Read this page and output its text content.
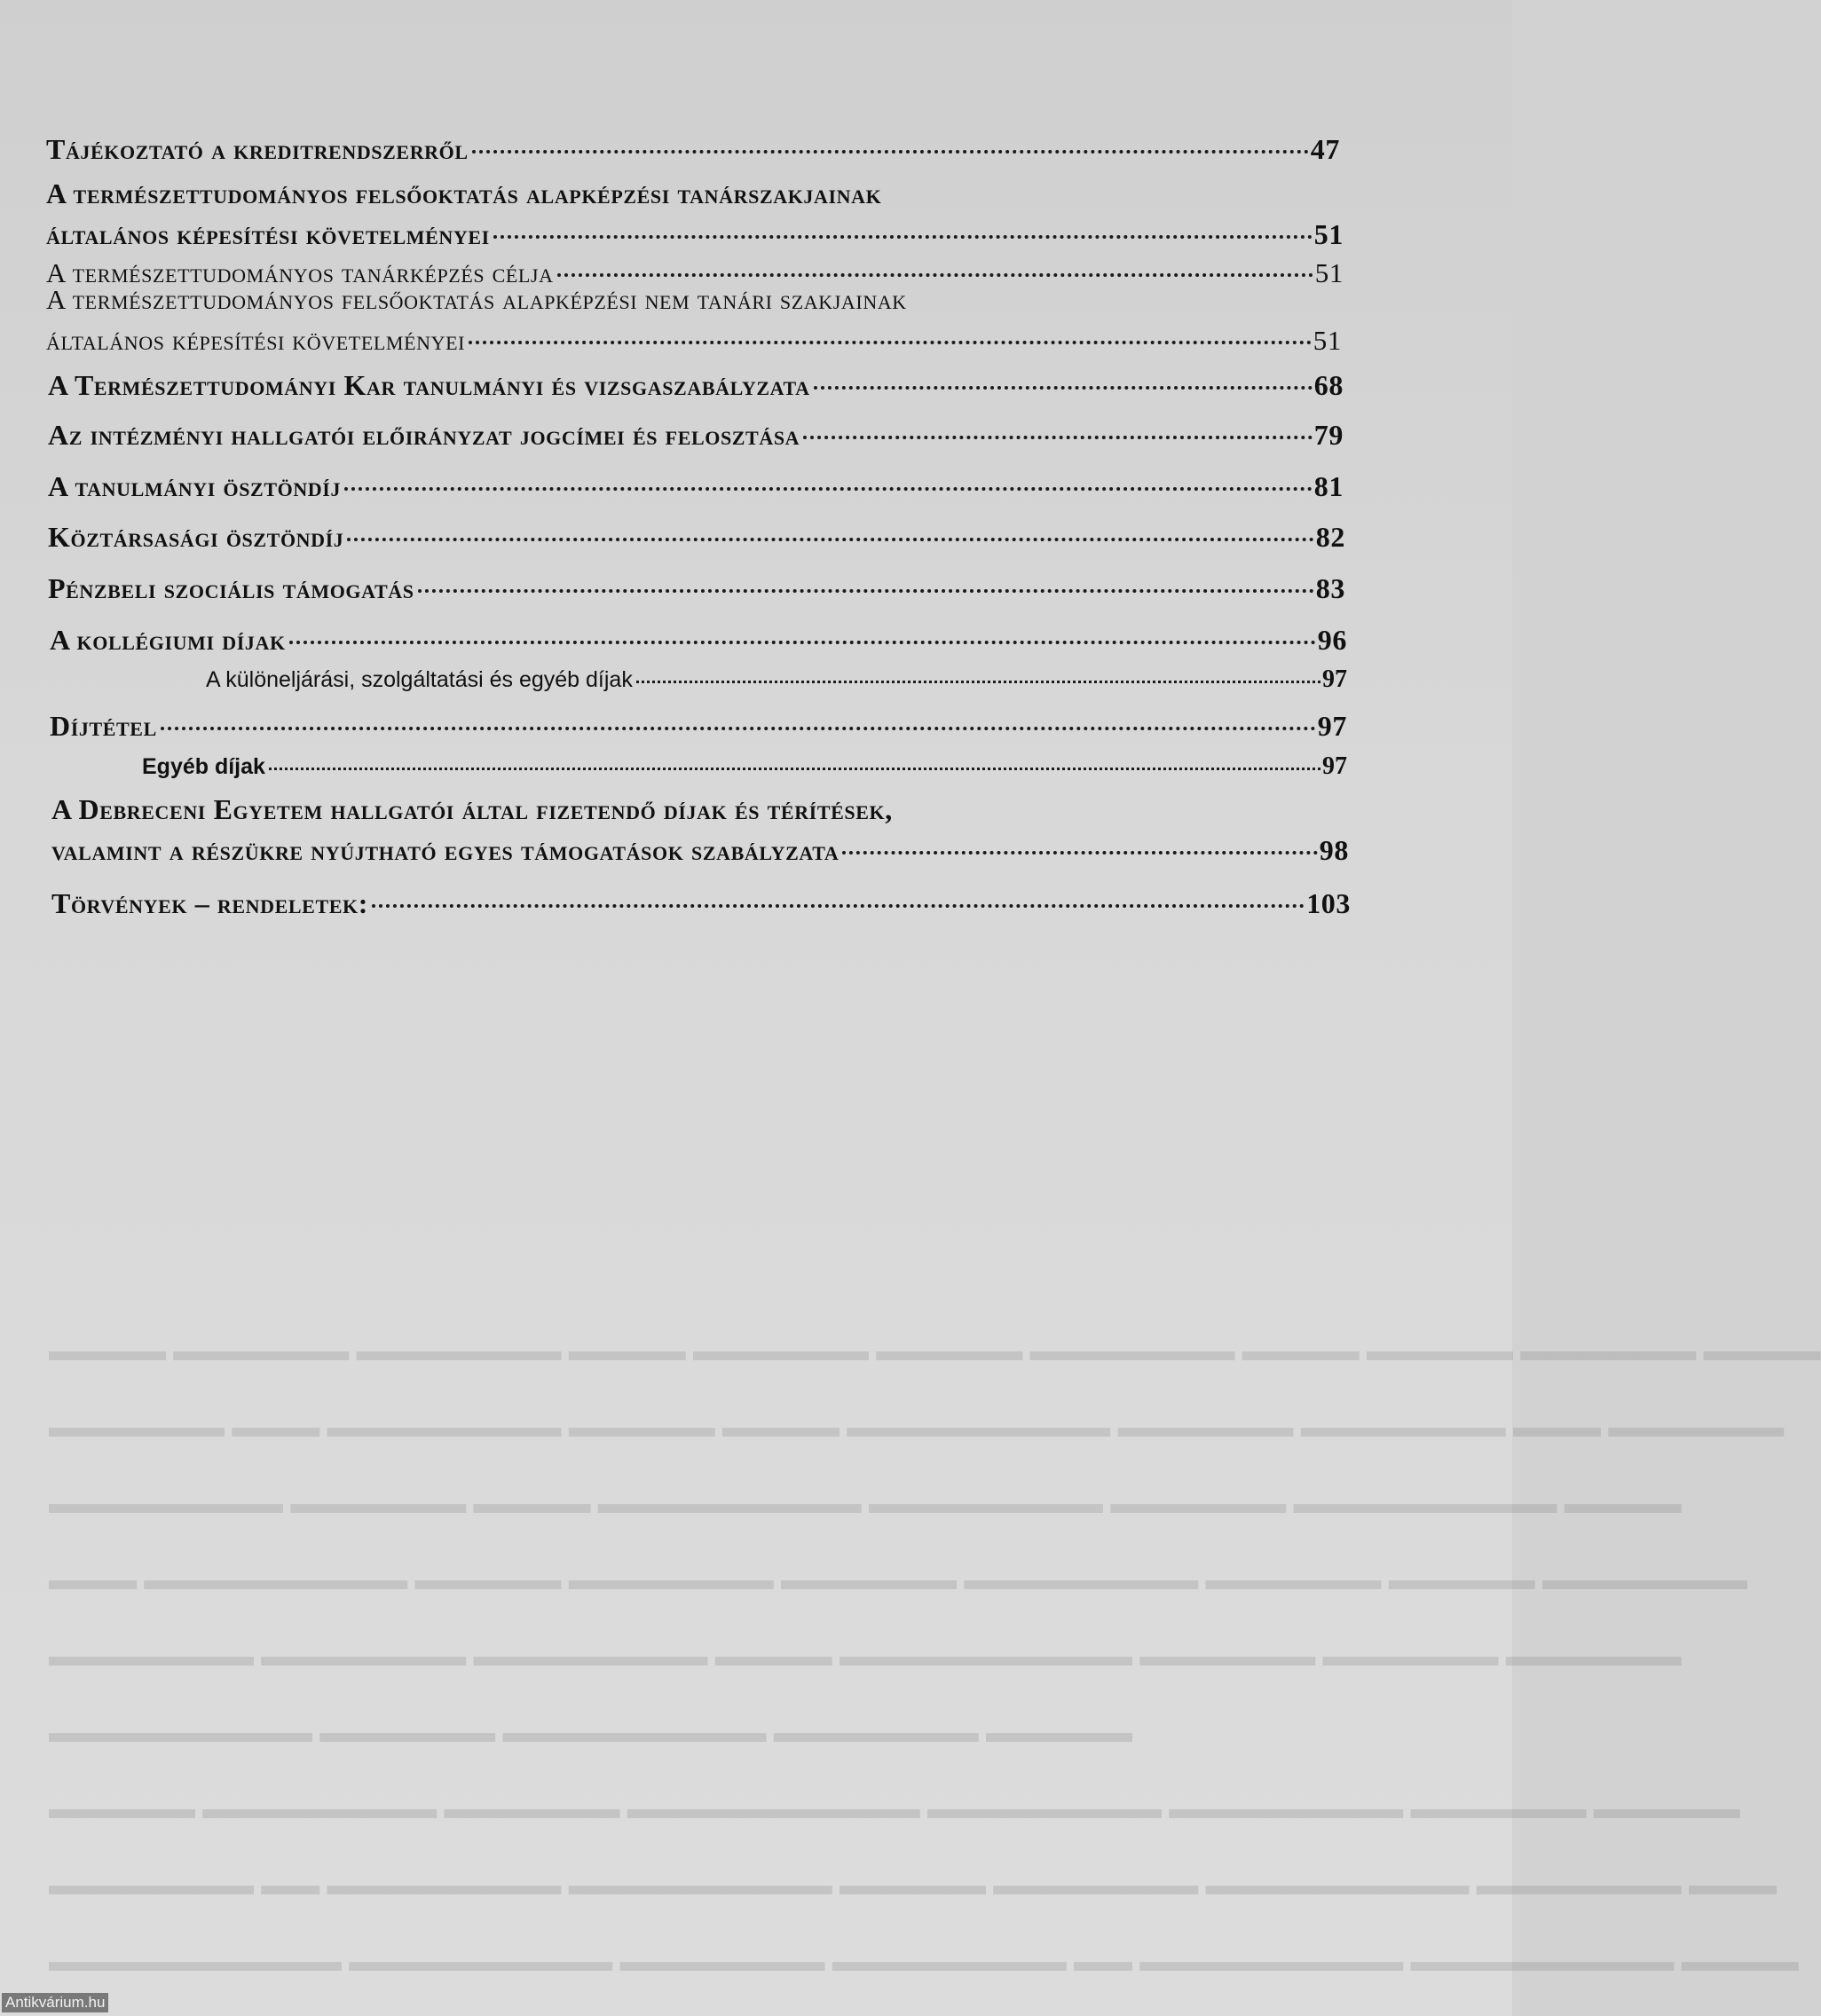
▬▬▬▬ ▬▬▬▬▬▬ ▬▬▬▬▬▬▬ ▬▬▬▬ ▬▬▬▬▬▬ ▬▬▬▬▬ ▬▬▬▬▬▬▬ ▬▬▬▬ ▬▬▬▬▬ ▬▬▬▬▬▬ ▬▬▬▬
▬▬▬▬▬▬ ▬▬▬ ▬▬▬▬▬▬▬▬ ▬▬▬▬▬ ▬▬▬▬ ▬▬▬▬▬▬▬▬▬ ▬▬▬▬▬▬ ▬▬▬▬▬▬▬ ▬▬▬ ▬▬▬▬▬▬
▬▬▬▬▬▬▬▬ ▬▬▬▬▬▬ ▬▬▬▬ ▬▬▬▬▬▬▬▬▬ ▬▬▬▬▬▬▬▬ ▬▬▬▬▬▬ ▬▬▬▬▬▬▬▬▬ ▬▬▬▬
▬▬▬ ▬▬▬▬▬▬▬▬▬ ▬▬▬▬▬ ▬▬▬▬▬▬▬ ▬▬▬▬▬▬ ▬▬▬▬▬▬▬▬ ▬▬▬▬▬▬ ▬▬▬▬▬ ▬▬▬▬▬▬▬
▬▬▬▬▬▬▬ ▬▬▬▬▬▬▬ ▬▬▬▬▬▬▬▬ ▬▬▬▬ ▬▬▬▬▬▬▬▬▬▬ ▬▬▬▬▬▬ ▬▬▬▬▬▬ ▬▬▬▬▬▬
▬▬▬▬▬▬▬▬▬ ▬▬▬▬▬▬ ▬▬▬▬▬▬▬▬▬ ▬▬▬▬▬▬▬ ▬▬▬▬▬
▬▬▬▬▬ ▬▬▬▬▬▬▬▬ ▬▬▬▬▬▬ ▬▬▬▬▬▬▬▬▬▬ ▬▬▬▬▬▬▬▬ ▬▬▬▬▬▬▬▬ ▬▬▬▬▬▬ ▬▬▬▬▬
▬▬▬▬▬▬▬ ▬▬ ▬▬▬▬▬▬▬▬ ▬▬▬▬▬▬▬▬▬ ▬▬▬▬▬ ▬▬▬▬▬▬▬ ▬▬▬▬▬▬▬▬▬ ▬▬▬▬▬▬▬ ▬▬▬
▬▬▬▬▬▬▬▬▬▬ ▬▬▬▬▬▬▬▬▬ ▬▬▬▬▬▬▬ ▬▬▬▬▬▬▬▬ ▬▬ ▬▬▬▬▬▬▬▬▬ ▬▬▬▬▬▬▬▬▬ ▬▬▬▬
Tájékoztató a kreditrendszerről	47
A természettudományos felsőoktatás alapképzési tanárszakjainak
általános képesítési követelményei	51
A természettudományos tanárképzés célja	51
A természettudományos felsőoktatás alapképzési nem tanári szakjainak
általános képesítési követelményei	51
A Természettudományi Kar tanulmányi és vizsgaszabályzata	68
Az intézményi hallgatói előirányzat jogcímei és felosztása	79
A tanulmányi ösztöndíj	81
Köztársasági ösztöndíj	82
Pénzbeli szociális támogatás	83
A kollégiumi díjak	96
A különeljárási, szolgáltatási és egyéb díjak	97
Díjtétel	97
Egyéb díjak	97
A Debreceni Egyetem hallgatói által fizetendő díjak és térítések,
valamint a részükre nyújtható egyes támogatások szabályzata	98
Törvények – rendeletek:	103
Antikvárium.hu
